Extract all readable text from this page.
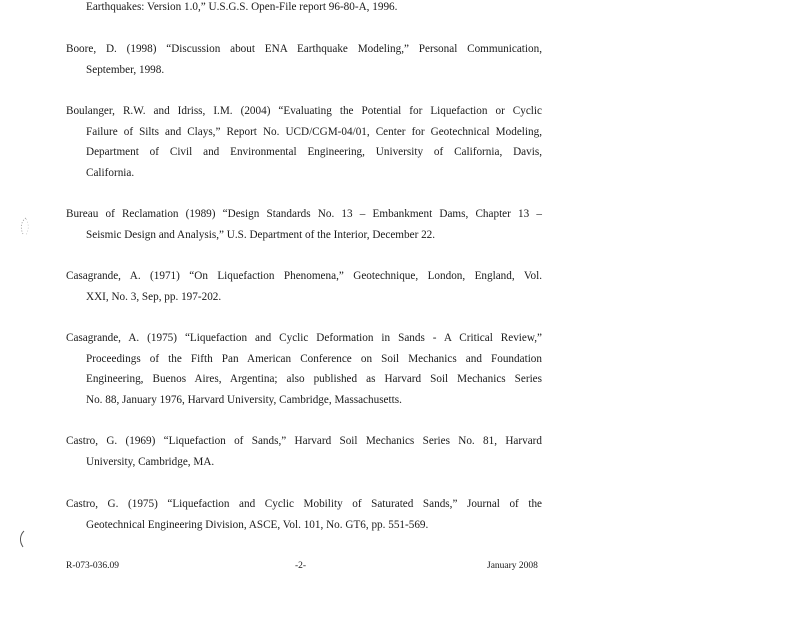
Earthquakes: Version 1.0,” U.S.G.S. Open-File report 96-80-A, 1996.
Boore, D. (1998) “Discussion about ENA Earthquake Modeling,” Personal Communication,
September, 1998.
Boulanger, R.W. and Idriss, I.M. (2004) “Evaluating the Potential for Liquefaction or Cyclic
Failure of Silts and Clays,” Report No. UCD/CGM-04/01, Center for Geotechnical Modeling,
Department of Civil and Environmental Engineering, University of California, Davis,
California.
Bureau of Reclamation (1989) “Design Standards No. 13 – Embankment Dams, Chapter 13 –
Seismic Design and Analysis,” U.S. Department of the Interior, December 22.
Casagrande, A. (1971) “On Liquefaction Phenomena,” Geotechnique, London, England, Vol.
XXI, No. 3, Sep, pp. 197-202.
Casagrande, A. (1975) “Liquefaction and Cyclic Deformation in Sands - A Critical Review,”
Proceedings of the Fifth Pan American Conference on Soil Mechanics and Foundation
Engineering, Buenos Aires, Argentina; also published as Harvard Soil Mechanics Series
No. 88, January 1976, Harvard University, Cambridge, Massachusetts.
Castro, G. (1969) “Liquefaction of Sands,” Harvard Soil Mechanics Series No. 81, Harvard
University, Cambridge, MA.
Castro, G. (1975) “Liquefaction and Cyclic Mobility of Saturated Sands,” Journal of the
Geotechnical Engineering Division, ASCE, Vol. 101, No. GT6, pp. 551-569.
R-073-036.09	-2-	January 2008
